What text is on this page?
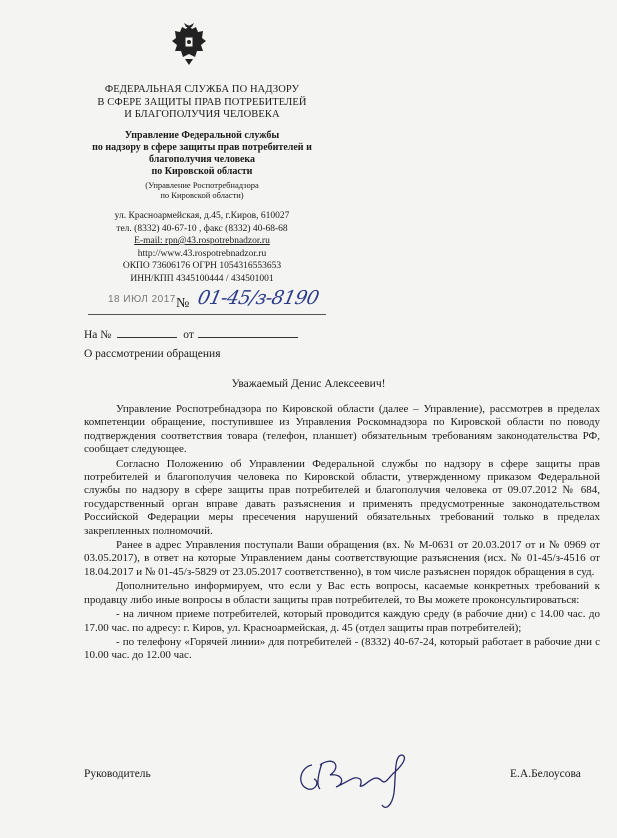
ФЕДЕРАЛЬНАЯ СЛУЖБА ПО НАДЗОРУ
В СФЕРЕ ЗАЩИТЫ ПРАВ ПОТРЕБИТЕЛЕЙ
И БЛАГОПОЛУЧИЯ ЧЕЛОВЕКА
Управление Федеральной службы
по надзору в сфере защиты прав потребителей и
благополучия человека
по Кировской области
(Управление Роспотребнадзора
по Кировской области)
ул. Красноармейская, д.45, г.Киров, 610027
тел. (8332) 40-67-10 , факс (8332) 40-68-68
E-mail: rpn@43.rospotrebnadzor.ru
http://www.43.rospotrebnadzor.ru
ОКПО 73606176 ОГРН 1054316553653
ИНН/КПП 4345100444 / 434501001
18 ИЮЛ 2017 № 01-45/з-8190
На №	от
О рассмотрении обращения
Уважаемый Денис Алексеевич!

Управление Роспотребнадзора по Кировской области (далее – Управление), рассмотрев в пределах компетенции обращение, поступившее из Управления Роскомнадзора по Кировской области по поводу подтверждения соответствия товара (телефон, планшет) обязательным требованиям законодательства РФ, сообщает следующее.

Согласно Положению об Управлении Федеральной службы по надзору в сфере защиты прав потребителей и благополучия человека по Кировской области, утвержденному приказом Федеральной службы по надзору в сфере защиты прав потребителей и благополучия человека от 09.07.2012 № 684, государственный орган вправе давать разъяснения и применять предусмотренные законодательством Российской Федерации меры пресечения нарушений обязательных требований только в пределах закрепленных полномочий.

Ранее в адрес Управления поступали Ваши обращения (вх. № М-0631 от 20.03.2017 от и № 0969 от 03.05.2017), в ответ на которые Управлением даны соответствующие разъяснения (исх. № 01-45/з-4516 от 18.04.2017 и № 01-45/з-5829 от 23.05.2017 соответственно), в том числе разъяснен порядок обращения в суд.

Дополнительно информируем, что если у Вас есть вопросы, касаемые конкретных требований к продавцу либо иные вопросы в области защиты прав потребителей, то Вы можете проконсультироваться:

- на личном приеме потребителей, который проводится каждую среду (в рабочие дни) с 14.00 час. до 17.00 час. по адресу: г. Киров, ул. Красноармейская, д. 45 (отдел защиты прав потребителей);

- по телефону «Горячей линии» для потребителей - (8332) 40-67-24, который работает в рабочие дни с 10.00 час. до 12.00 час.

Руководитель	Е.А.Белоусова
